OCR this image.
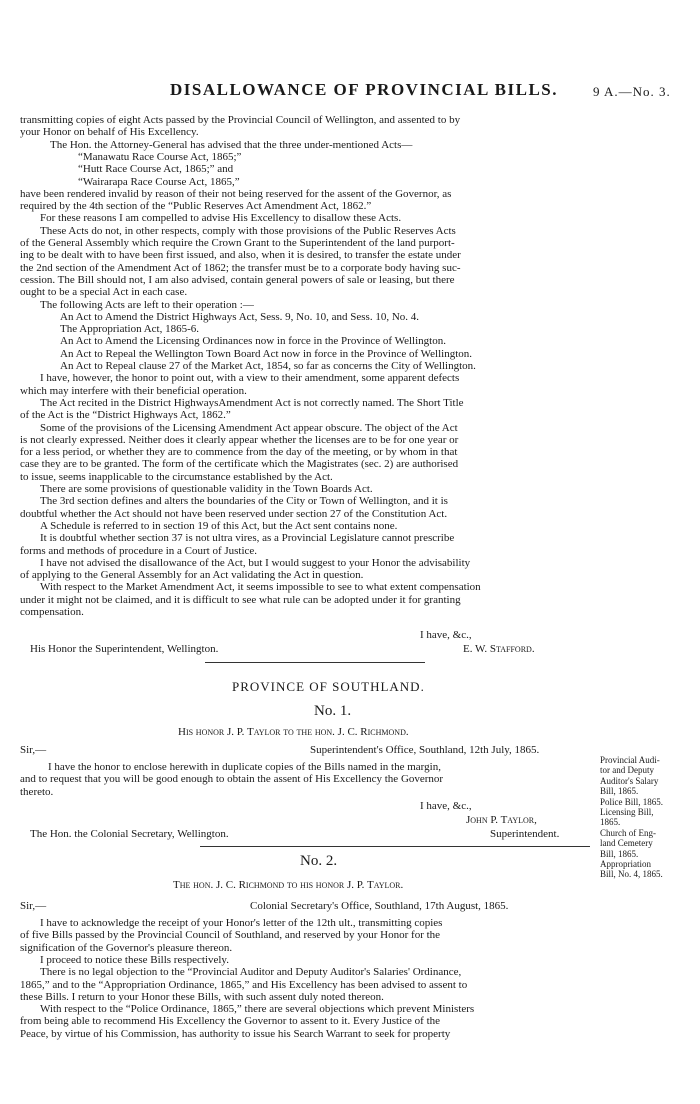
DISALLOWANCE OF PROVINCIAL BILLS.	9 A.—No. 3.
transmitting copies of eight Acts passed by the Provincial Council of Wellington, and assented to by
your Honor on behalf of His Excellency.
The Hon. the Attorney-General has advised that the three under-mentioned Acts—
“Manawatu Race Course Act, 1865;”
“Hutt Race Course Act, 1865;” and
“Wairarapa Race Course Act, 1865,”
have been rendered invalid by reason of their not being reserved for the assent of the Governor, as
required by the 4th section of the “Public Reserves Act Amendment Act, 1862.”
For these reasons I am compelled to advise His Excellency to disallow these Acts.
These Acts do not, in other respects, comply with those provisions of the Public Reserves Acts
of the General Assembly which require the Crown Grant to the Superintendent of the land purport-
ing to be dealt with to have been first issued, and also, when it is desired, to transfer the estate under
the 2nd section of the Amendment Act of 1862; the transfer must be to a corporate body having suc-
cession. The Bill should not, I am also advised, contain general powers of sale or leasing, but there
ought to be a special Act in each case.
The following Acts are left to their operation :—
An Act to Amend the District Highways Act, Sess. 9, No. 10, and Sess. 10, No. 4.
The Appropriation Act, 1865-6.
An Act to Amend the Licensing Ordinances now in force in the Province of Wellington.
An Act to Repeal the Wellington Town Board Act now in force in the Province of Wellington.
An Act to Repeal clause 27 of the Market Act, 1854, so far as concerns the City of Wellington.
I have, however, the honor to point out, with a view to their amendment, some apparent defects
which may interfere with their beneficial operation.
The Act recited in the District HighwaysAmendment Act is not correctly named. The Short Title
of the Act is the “District Highways Act, 1862.”
Some of the provisions of the Licensing Amendment Act appear obscure. The object of the Act
is not clearly expressed. Neither does it clearly appear whether the licenses are to be for one year or
for a less period, or whether they are to commence from the day of the meeting, or by whom in that
case they are to be granted. The form of the certificate which the Magistrates (sec. 2) are authorised
to issue, seems inapplicable to the circumstance established by the Act.
There are some provisions of questionable validity in the Town Boards Act.
The 3rd section defines and alters the boundaries of the City or Town of Wellington, and it is
doubtful whether the Act should not have been reserved under section 27 of the Constitution Act.
A Schedule is referred to in section 19 of this Act, but the Act sent contains none.
It is doubtful whether section 37 is not ultra vires, as a Provincial Legislature cannot prescribe
forms and methods of procedure in a Court of Justice.
I have not advised the disallowance of the Act, but I would suggest to your Honor the advisability
of applying to the General Assembly for an Act validating the Act in question.
With respect to the Market Amendment Act, it seems impossible to see to what extent compensation
under it might not be claimed, and it is difficult to see what rule can be adopted under it for granting
compensation.
I have, &c.,
His Honor the Superintendent, Wellington.	E. W. Stafford.
PROVINCE OF SOUTHLAND.
No. 1.
His honor J. P. Taylor to the hon. J. C. Richmond.
Sir,—	Superintendent's Office, Southland, 12th July, 1865.
I have the honor to enclose herewith in duplicate copies of the Bills named in the margin,
and to request that you will be good enough to obtain the assent of His Excellency the Governor
thereto.
I have, &c.,
John P. Taylor,
The Hon. the Colonial Secretary, Wellington.	Superintendent.
Provincial Audi-
tor and Deputy
Auditor's Salary
Bill, 1865.
Police Bill, 1865.
Licensing Bill,
1865.
Church of Eng-
land Cemetery
Bill, 1865.
Appropriation
Bill, No. 4, 1865.
No. 2.
The hon. J. C. Richmond to his honor J. P. Taylor.
Sir,—	Colonial Secretary's Office, Southland, 17th August, 1865.
I have to acknowledge the receipt of your Honor's letter of the 12th ult., transmitting copies
of five Bills passed by the Provincial Council of Southland, and reserved by your Honor for the
signification of the Governor's pleasure thereon.
I proceed to notice these Bills respectively.
There is no legal objection to the “Provincial Auditor and Deputy Auditor's Salaries' Ordinance,
1865,” and to the “Appropriation Ordinance, 1865,” and His Excellency has been advised to assent to
these Bills. I return to your Honor these Bills, with such assent duly noted thereon.
With respect to the “Police Ordinance, 1865,” there are several objections which prevent Ministers
from being able to recommend His Excellency the Governor to assent to it. Every Justice of the
Peace, by virtue of his Commission, has authority to issue his Search Warrant to seek for property
